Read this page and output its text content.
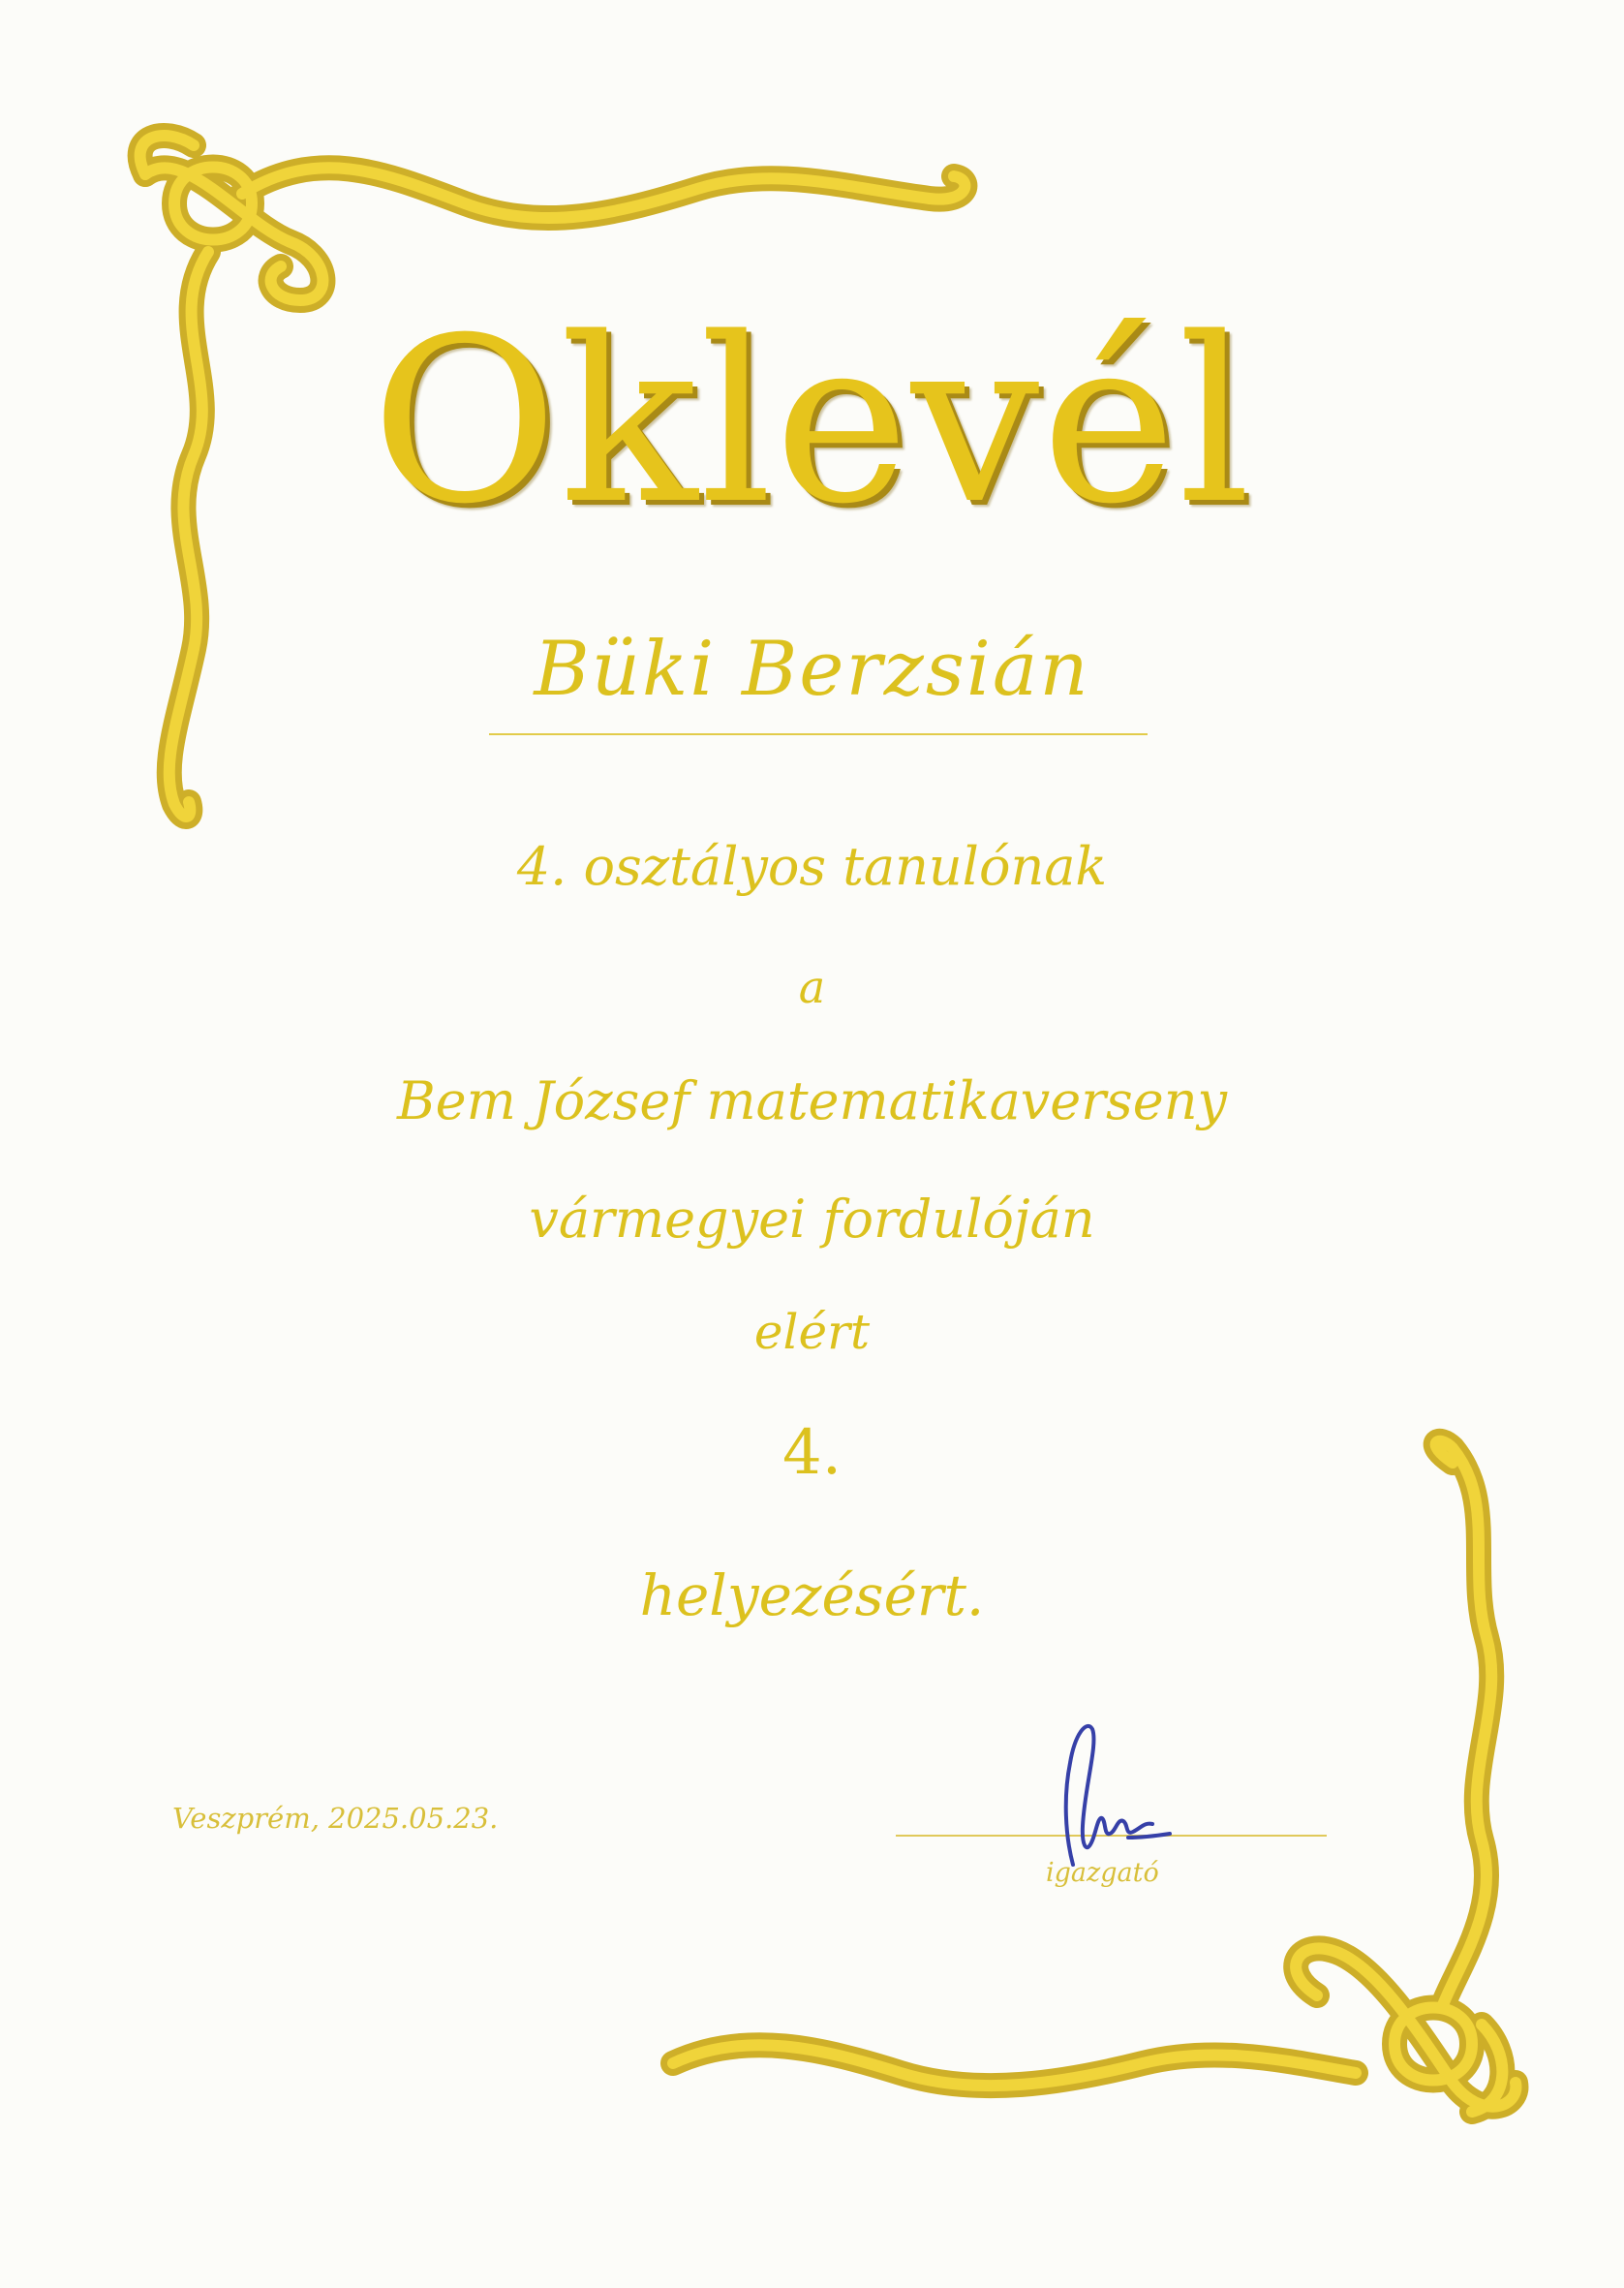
Oklevél
Büki Berzsián
4. osztályos tanulónak
a
Bem József matematikaverseny
vármegyei fordulóján
elért
4.
helyezésért.
Veszprém, 2025.05.23.
igazgató
